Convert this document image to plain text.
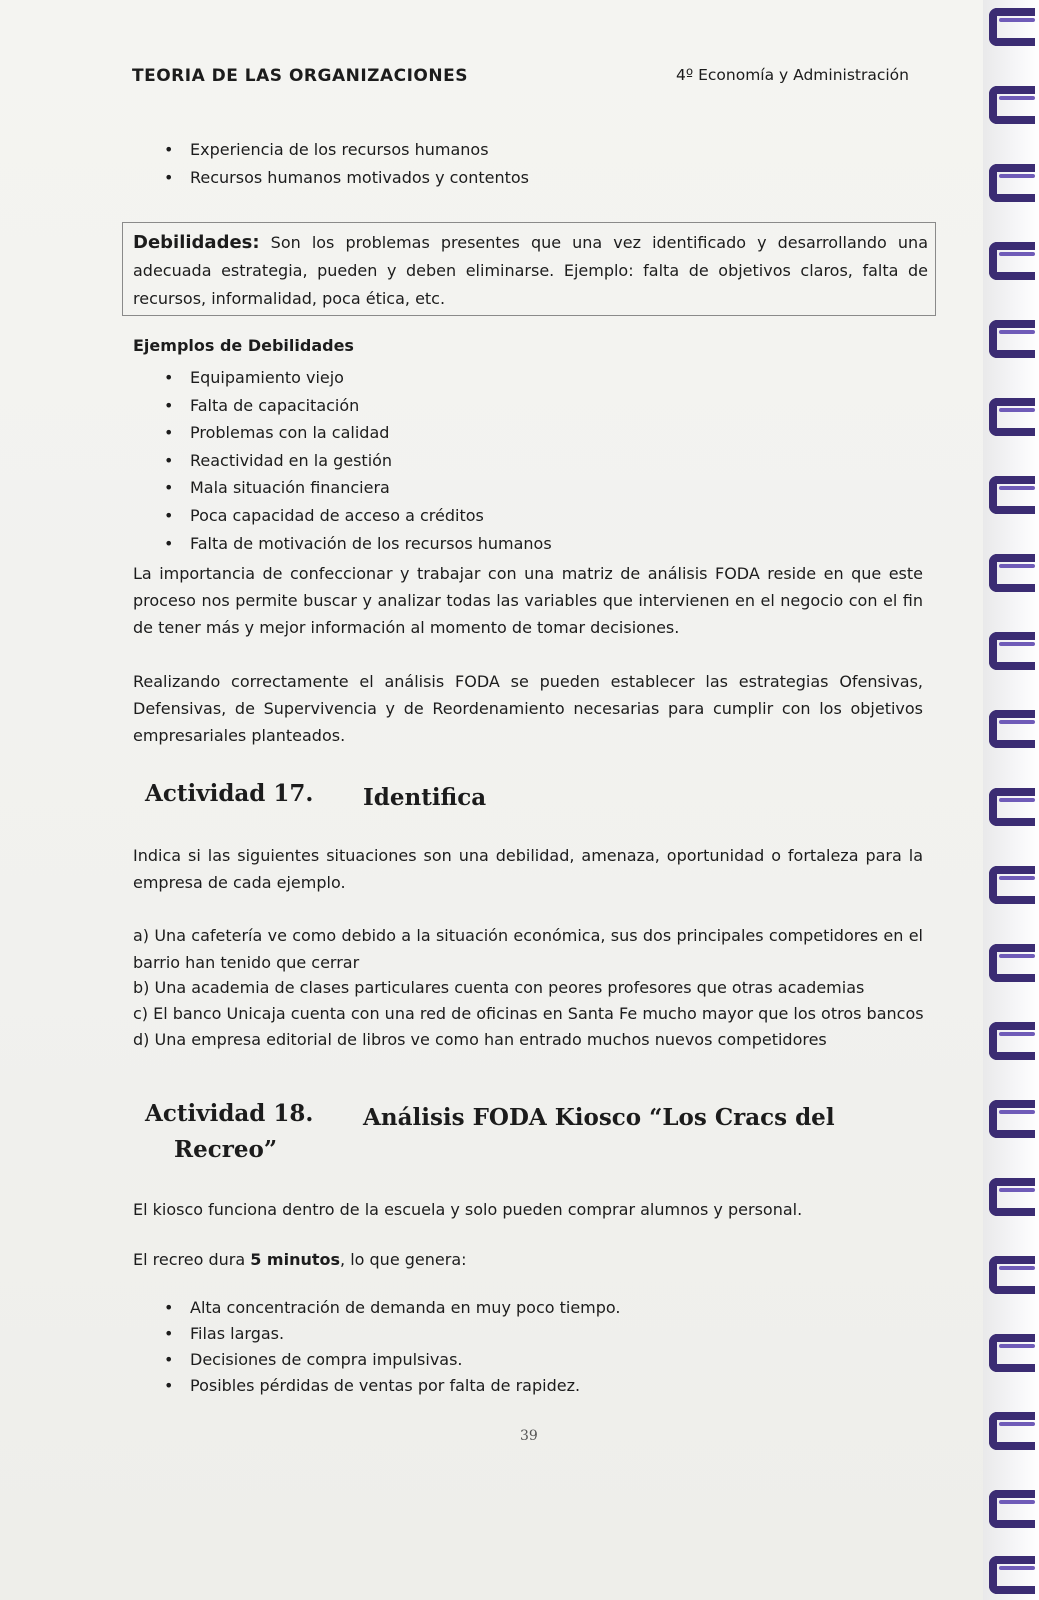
TEORIA DE LAS ORGANIZACIONES	4º Economía y Administración
• Experiencia de los recursos humanos
• Recursos humanos motivados y contentos
Debilidades: Son los problemas presentes que una vez identificado y desarrollando una adecuada estrategia, pueden y deben eliminarse. Ejemplo: falta de objetivos claros, falta de recursos, informalidad, poca ética, etc.
Ejemplos de Debilidades
• Equipamiento viejo
• Falta de capacitación
• Problemas con la calidad
• Reactividad en la gestión
• Mala situación financiera
• Poca capacidad de acceso a créditos
• Falta de motivación de los recursos humanos
La importancia de confeccionar y trabajar con una matriz de análisis FODA reside en que este proceso nos permite buscar y analizar todas las variables que intervienen en el negocio con el fin de tener más y mejor información al momento de tomar decisiones.
Realizando correctamente el análisis FODA se pueden establecer las estrategias Ofensivas, Defensivas, de Supervivencia y de Reordenamiento necesarias para cumplir con los objetivos empresariales planteados.
Actividad 17. Identifica
Indica si las siguientes situaciones son una debilidad, amenaza, oportunidad o fortaleza para la empresa de cada ejemplo.
a) Una cafetería ve como debido a la situación económica, sus dos principales competidores en el barrio han tenido que cerrar
b) Una academia de clases particulares cuenta con peores profesores que otras academias
c) El banco Unicaja cuenta con una red de oficinas en Santa Fe mucho mayor que los otros bancos
d) Una empresa editorial de libros ve como han entrado muchos nuevos competidores
Actividad 18. Análisis FODA Kiosco “Los Cracs del
Recreo”
El kiosco funciona dentro de la escuela y solo pueden comprar alumnos y personal.
El recreo dura 5 minutos, lo que genera:
• Alta concentración de demanda en muy poco tiempo.
• Filas largas.
• Decisiones de compra impulsivas.
• Posibles pérdidas de ventas por falta de rapidez.
39
